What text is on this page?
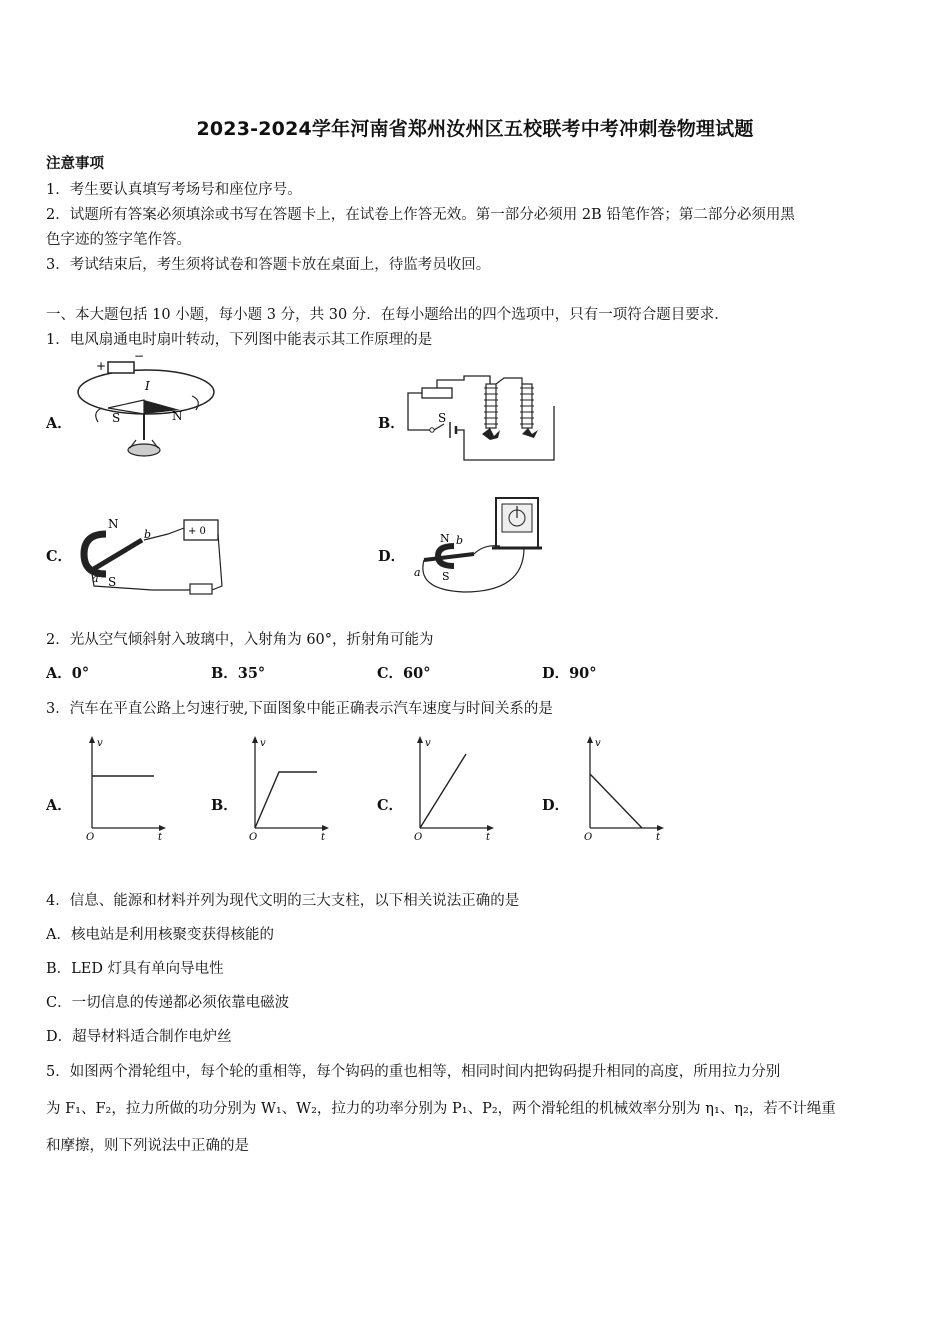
2023-2024学年河南省郑州汝州区五校联考中考冲刺卷物理试题
注意事项
1．考生要认真填写考场号和座位序号。
2．试题所有答案必须填涂或书写在答题卡上，在试卷上作答无效。第一部分必须用 2B 铅笔作答；第二部分必须用黑
色字迹的签字笔作答。
3．考试结束后，考生须将试卷和答题卡放在桌面上，待监考员收回。
一、本大题包括 10 小题，每小题 3 分，共 30 分．在每小题给出的四个选项中，只有一项符合题目要求．
1．电风扇通电时扇叶转动，下列图中能表示其工作原理的是
A．
+
−
I
S	N	B．	S
C．
N
S
a
b	+ 0
D．
N
S
a
b
2．光从空气倾斜射入玻璃中，入射角为 60°，折射角可能为
A．0°	B．35°	C．60°	D．90°
3．汽车在平直公路上匀速行驶,下面图象中能正确表示汽车速度与时间关系的是
A．	B．	C．	D．
v
t
O
v
t
O
v
t
O
v
t
O
4．信息、能源和材料并列为现代文明的三大支柱，以下相关说法正确的是
A．核电站是利用核聚变获得核能的
B．LED 灯具有单向导电性
C．一切信息的传递都必须依靠电磁波
D．超导材料适合制作电炉丝
5．如图两个滑轮组中，每个轮的重相等，每个钩码的重也相等，相同时间内把钩码提升相同的高度，所用拉力分别
为 F₁、F₂，拉力所做的功分别为 W₁、W₂，拉力的功率分别为 P₁、P₂，两个滑轮组的机械效率分别为 η₁、η₂，若不计绳重
和摩擦，则下列说法中正确的是
